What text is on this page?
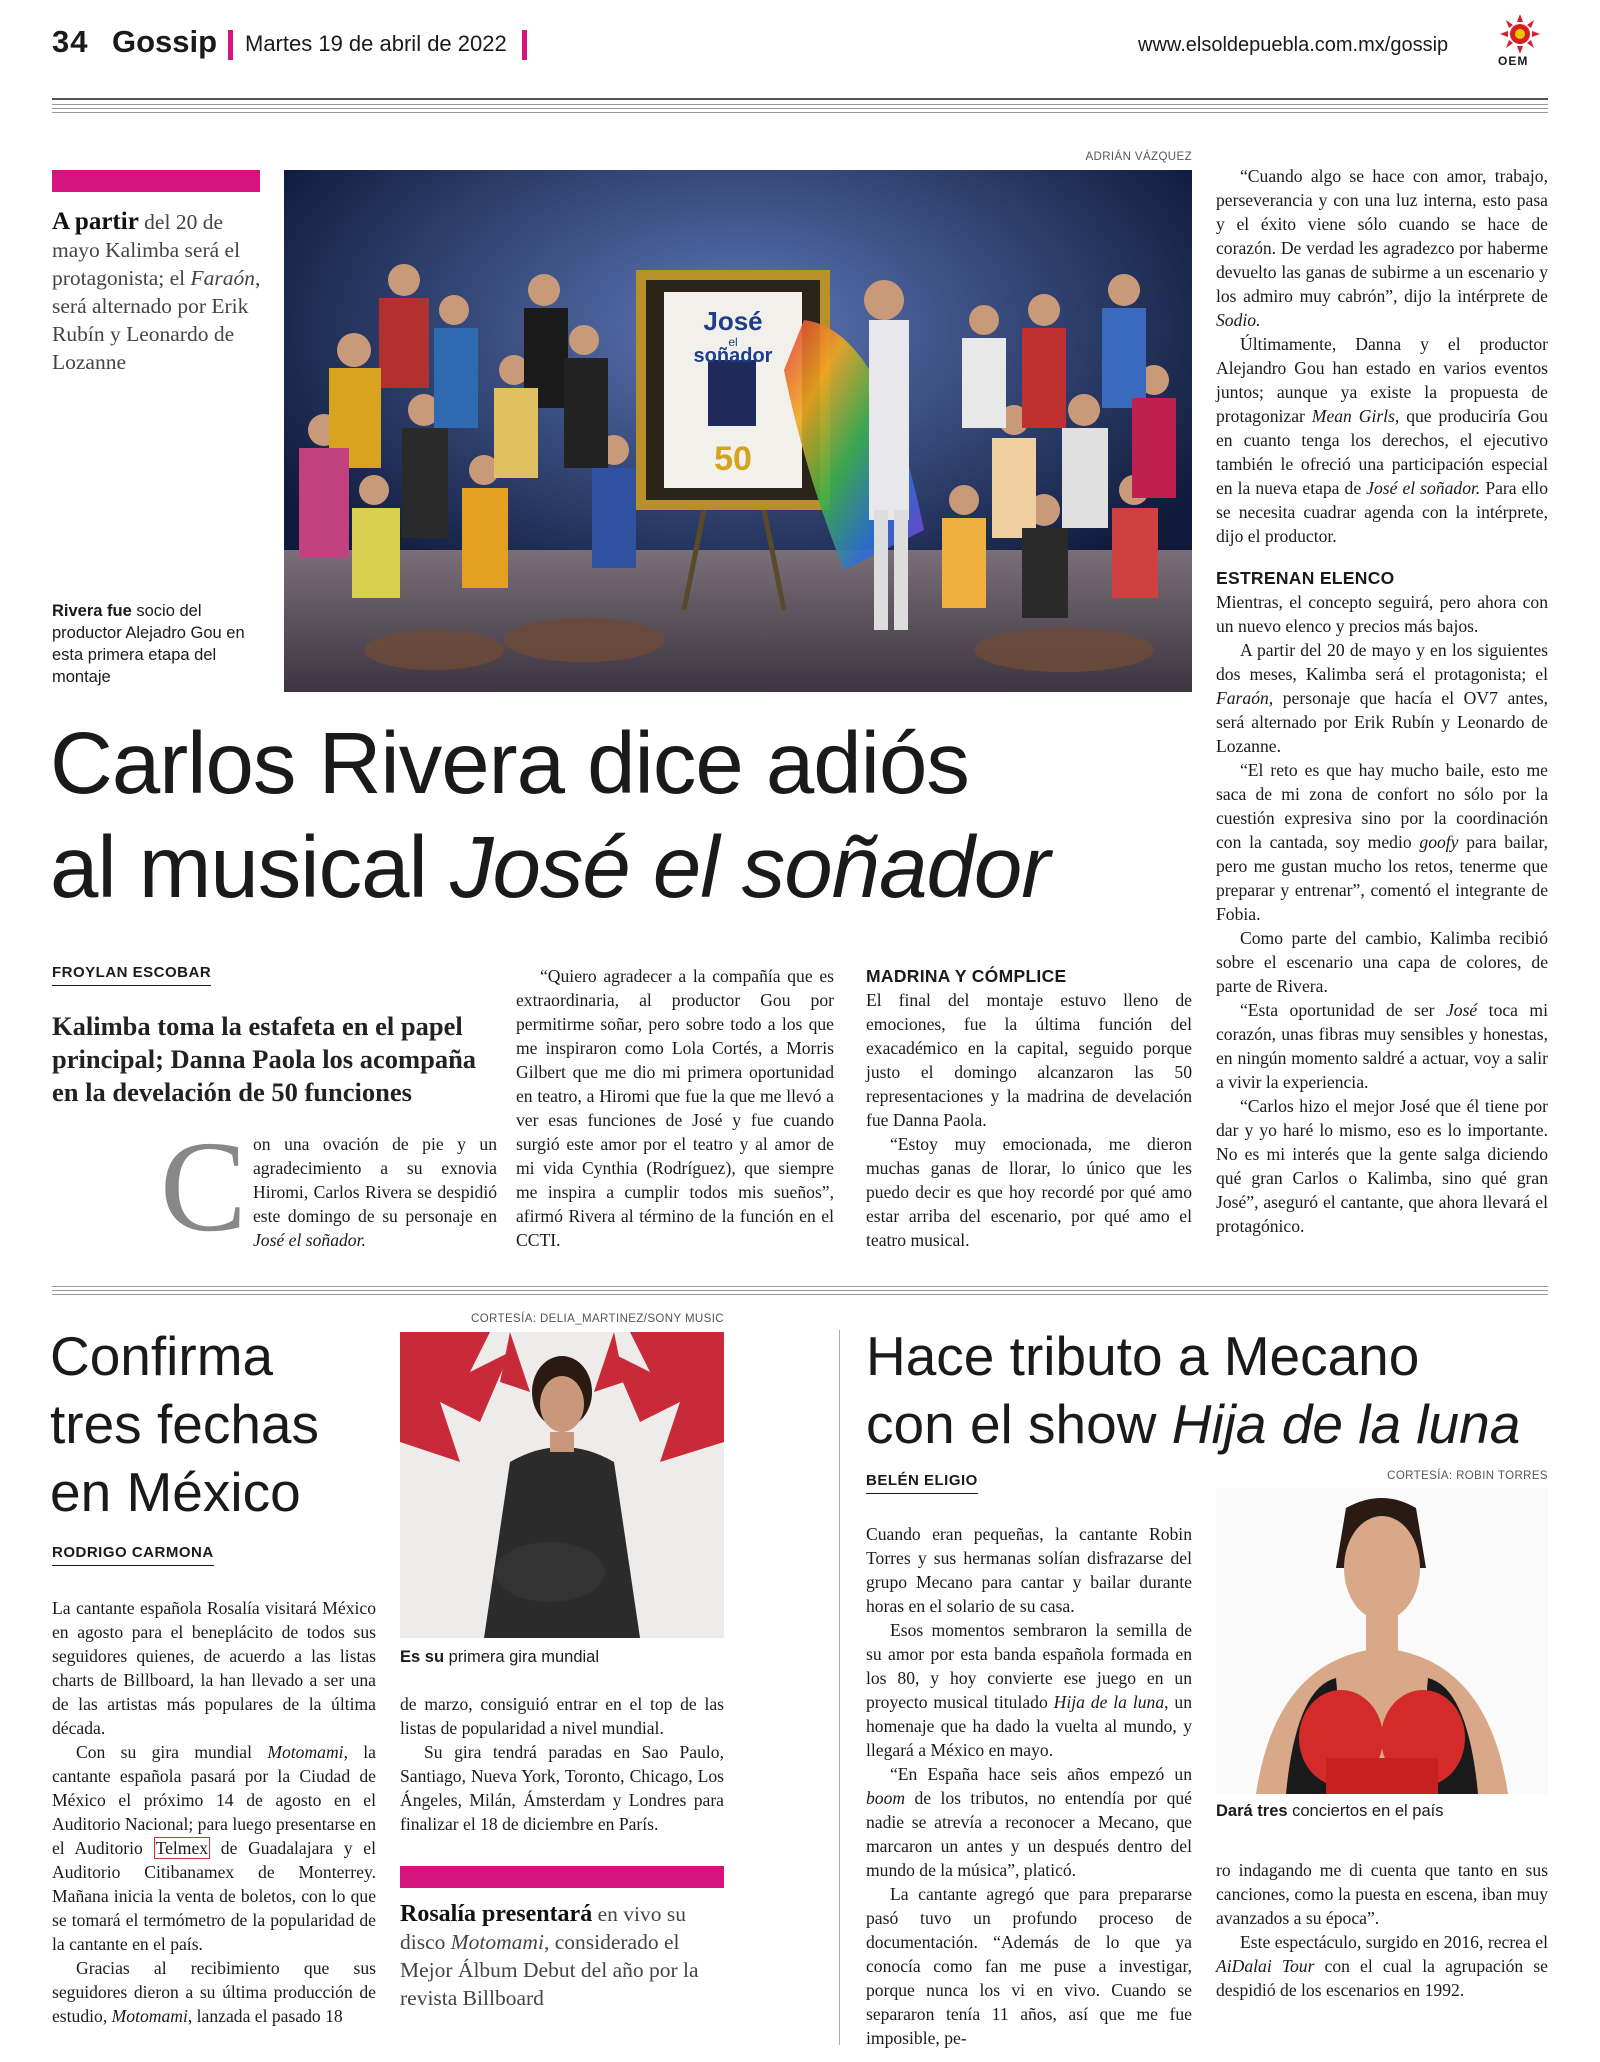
34 Gossip Martes 19 de abril de 2022	www.elsoldepuebla.com.mx/gossip
OEM
A partir del 20 de mayo Kalimba será el protagonista; el Faraón, será alternado por Erik Rubín y Leonardo de Lozanne
Rivera fue socio del productor Alejadro Gou en esta primera etapa del montaje
ADRIÁN VÁZQUEZ
José
el
soñador
50
Carlos Rivera dice adiós
al musical José el soñador
FROYLAN ESCOBAR
Kalimba toma la estafeta en el papel principal; Danna Paola los acompaña en la develación de 50 funciones
C on una ovación de pie y un agradecimiento a su exnovia Hiromi, Carlos Rivera se despidió este domingo de su personaje en José el soñador.

“Quiero agradecer a la compañía que es extraordinaria, al productor Gou por permitirme soñar, pero sobre todo a los que me inspiraron como Lola Cortés, a Morris Gilbert que me dio mi primera oportunidad en teatro, a Hiromi que fue la que me llevó a ver esas funciones de José y fue cuando surgió este amor por el teatro y al amor de mi vida Cynthia (Rodríguez), que siempre me inspira a cumplir todos mis sueños”, afirmó Rivera al término de la función en el CCTI.

MADRINA Y CÓMPLICE

El final del montaje estuvo lleno de emociones, fue la última función del exacadémico en la capital, seguido porque justo el domingo alcanzaron las 50 representaciones y la madrina de develación fue Danna Paola.

“Estoy muy emocionada, me dieron muchas ganas de llorar, lo único que les puedo decir es que hoy recordé por qué amo estar arriba del escenario, por qué amo el teatro musical.

“Cuando algo se hace con amor, trabajo, perseverancia y con una luz interna, esto pasa y el éxito viene sólo cuando se hace de corazón. De verdad les agradezco por haberme devuelto las ganas de subirme a un escenario y los admiro muy cabrón”, dijo la intérprete de Sodio.

Últimamente, Danna y el productor Alejandro Gou han estado en varios eventos juntos; aunque ya existe la propuesta de protagonizar Mean Girls, que produciría Gou en cuanto tenga los derechos, el ejecutivo también le ofreció una participación especial en la nueva etapa de José el soñador. Para ello se necesita cuadrar agenda con la intérprete, dijo el productor.

ESTRENAN ELENCO

Mientras, el concepto seguirá, pero ahora con un nuevo elenco y precios más bajos.

A partir del 20 de mayo y en los siguientes dos meses, Kalimba será el protagonista; el Faraón, personaje que hacía el OV7 antes, será alternado por Erik Rubín y Leonardo de Lozanne.

“El reto es que hay mucho baile, esto me saca de mi zona de confort no sólo por la cuestión expresiva sino por la coordinación con la cantada, soy medio goofy para bailar, pero me gustan mucho los retos, tenerme que preparar y entrenar”, comentó el integrante de Fobia.

Como parte del cambio, Kalimba recibió sobre el escenario una capa de colores, de parte de Rivera.

“Esta oportunidad de ser José toca mi corazón, unas fibras muy sensibles y honestas, en ningún momento saldré a actuar, voy a salir a vivir la experiencia.

“Carlos hizo el mejor José que él tiene por dar y yo haré lo mismo, eso es lo importante. No es mi interés que la gente salga diciendo qué gran Carlos o Kalimba, sino qué gran José”, aseguró el cantante, que ahora llevará el protagónico.

Confirma
tres fechas
en México
RODRIGO CARMONA
CORTESÍA: DELIA_MARTINEZ/SONY MUSIC
Es su primera gira mundial

La cantante española Rosalía visitará México en agosto para el beneplácito de todos sus seguidores quienes, de acuerdo a las listas charts de Billboard, la han llevado a ser una de las artistas más populares de la última década.

Con su gira mundial Motomami, la cantante española pasará por la Ciudad de México el próximo 14 de agosto en el Auditorio Nacional; para luego presentarse en el Auditorio Telmex de Guadalajara y el Auditorio Citibanamex de Monterrey. Mañana inicia la venta de boletos, con lo que se tomará el termómetro de la popularidad de la cantante en el país.

Gracias al recibimiento que sus seguidores dieron a su última producción de estudio, Motomami, lanzada el pasado 18

de marzo, consiguió entrar en el top de las listas de popularidad a nivel mundial.

Su gira tendrá paradas en Sao Paulo, Santiago, Nueva York, Toronto, Chicago, Los Ángeles, Milán, Ámsterdam y Londres para finalizar el 18 de diciembre en París.

Rosalía presentará en vivo su disco Motomami, considerado el Mejor Álbum Debut del año por la revista Billboard
Hace tributo a Mecano
con el show Hija de la luna
BELÉN ELIGIO	CORTESÍA: ROBIN TORRES
Dará tres conciertos en el país

Cuando eran pequeñas, la cantante Robin Torres y sus hermanas solían disfrazarse del grupo Mecano para cantar y bailar durante horas en el solario de su casa.

Esos momentos sembraron la semilla de su amor por esta banda española formada en los 80, y hoy convierte ese juego en un proyecto musical titulado Hija de la luna, un homenaje que ha dado la vuelta al mundo, y llegará a México en mayo.

“En España hace seis años empezó un boom de los tributos, no entendía por qué nadie se atrevía a reconocer a Mecano, que marcaron un antes y un después dentro del mundo de la música”, platicó.

La cantante agregó que para prepararse pasó tuvo un profundo proceso de documentación. “Además de lo que ya conocía como fan me puse a investigar, porque nunca los vi en vivo. Cuando se separaron tenía 11 años, así que me fue imposible, pe-

ro indagando me di cuenta que tanto en sus canciones, como la puesta en escena, iban muy avanzados a su época”.

Este espectáculo, surgido en 2016, recrea el AiDalai Tour con el cual la agrupación se despidió de los escenarios en 1992.
